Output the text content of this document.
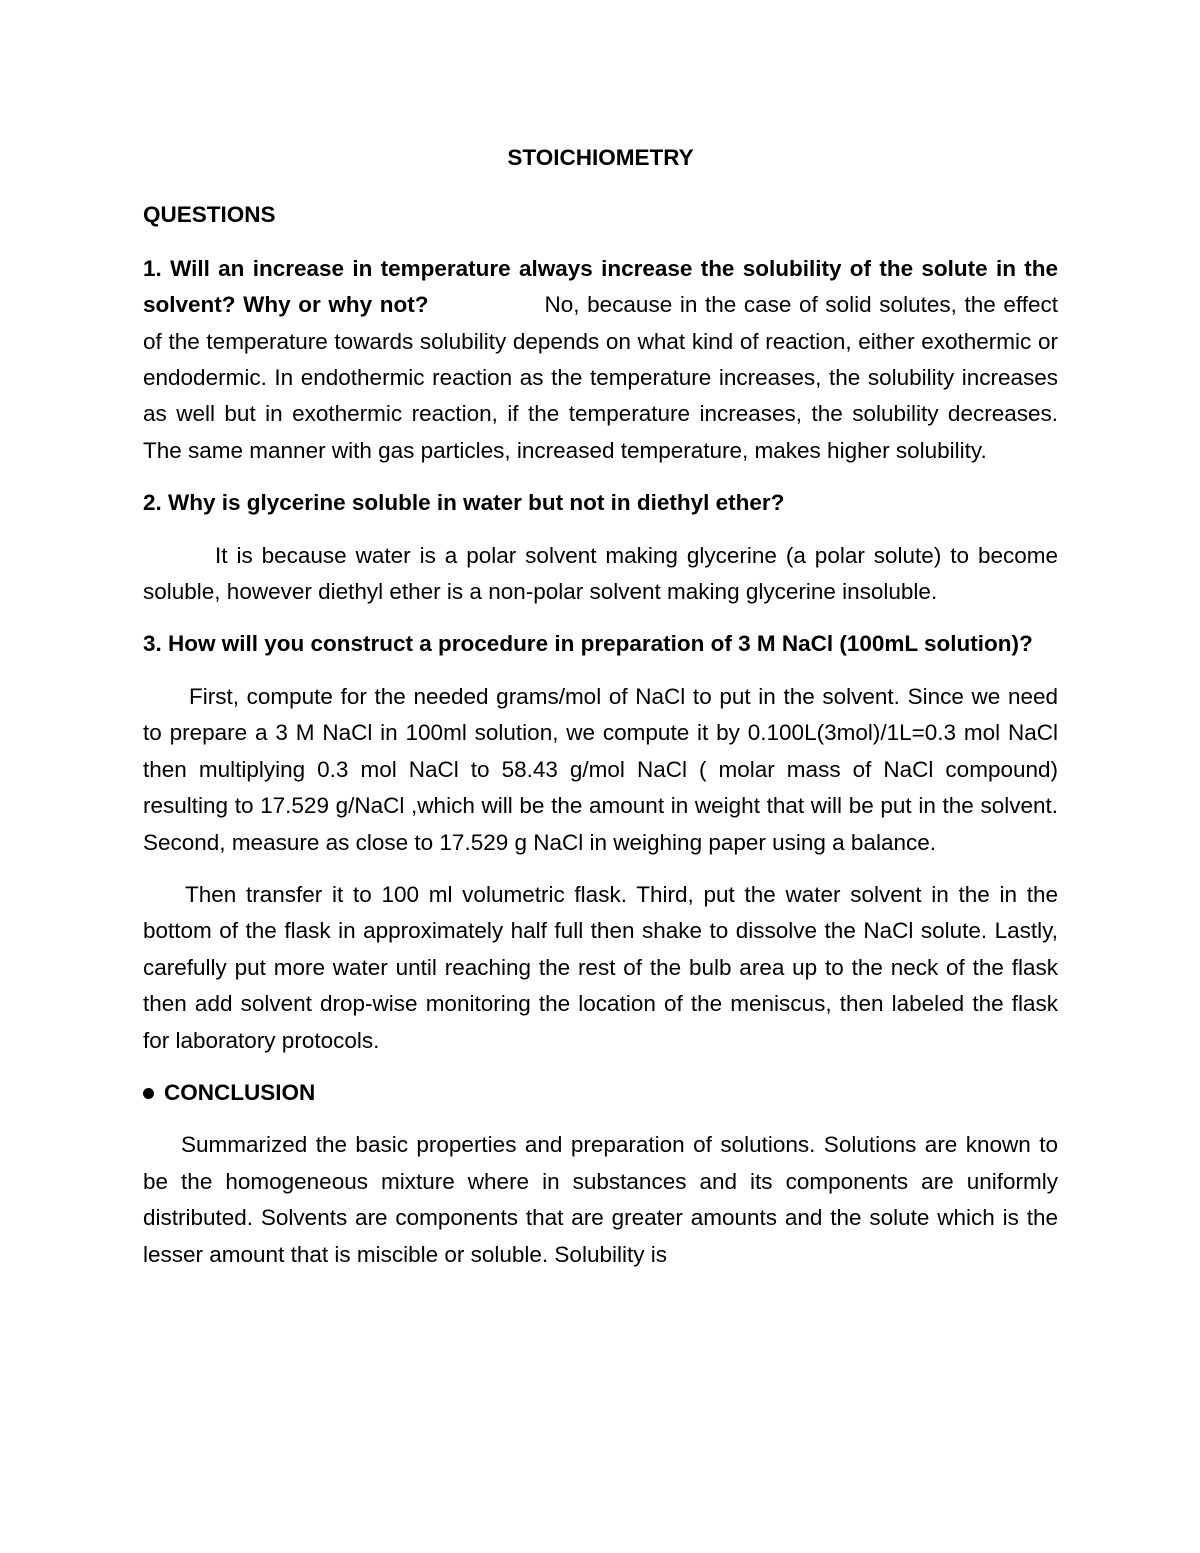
STOICHIOMETRY
QUESTIONS

1. Will an increase in temperature always increase the solubility of the solute in the solvent? Why or why not?	No, because in the case of solid solutes, the effect of the temperature towards solubility depends on what kind of reaction, either exothermic or endodermic. In endothermic reaction as the temperature increases, the solubility increases as well but in exothermic reaction, if the temperature increases, the solubility decreases. The same manner with gas particles, increased temperature, makes higher solubility.

2. Why is glycerine soluble in water but not in diethyl ether?

It is because water is a polar solvent making glycerine (a polar solute) to become soluble, however diethyl ether is a non-polar solvent making glycerine insoluble.

3. How will you construct a procedure in preparation of 3 M NaCl (100mL solution)?

First, compute for the needed grams/mol of NaCl to put in the solvent. Since we need to prepare a 3 M NaCl in 100ml solution, we compute it by 0.100L(3mol)/1L=0.3 mol NaCl then multiplying 0.3 mol NaCl to 58.43 g/mol NaCl ( molar mass of NaCl compound) resulting to 17.529 g/NaCl ,which will be the amount in weight that will be put in the solvent. Second, measure as close to 17.529 g NaCl in weighing paper using a balance.

Then transfer it to 100 ml volumetric flask. Third, put the water solvent in the in the bottom of the flask in approximately half full then shake to dissolve the NaCl solute. Lastly, carefully put more water until reaching the rest of the bulb area up to the neck of the flask then add solvent drop-wise monitoring the location of the meniscus, then labeled the flask for laboratory protocols.

CONCLUSION

Summarized the basic properties and preparation of solutions. Solutions are known to be the homogeneous mixture where in substances and its components are uniformly distributed. Solvents are components that are greater amounts and the solute which is the lesser amount that is miscible or soluble. Solubility is
